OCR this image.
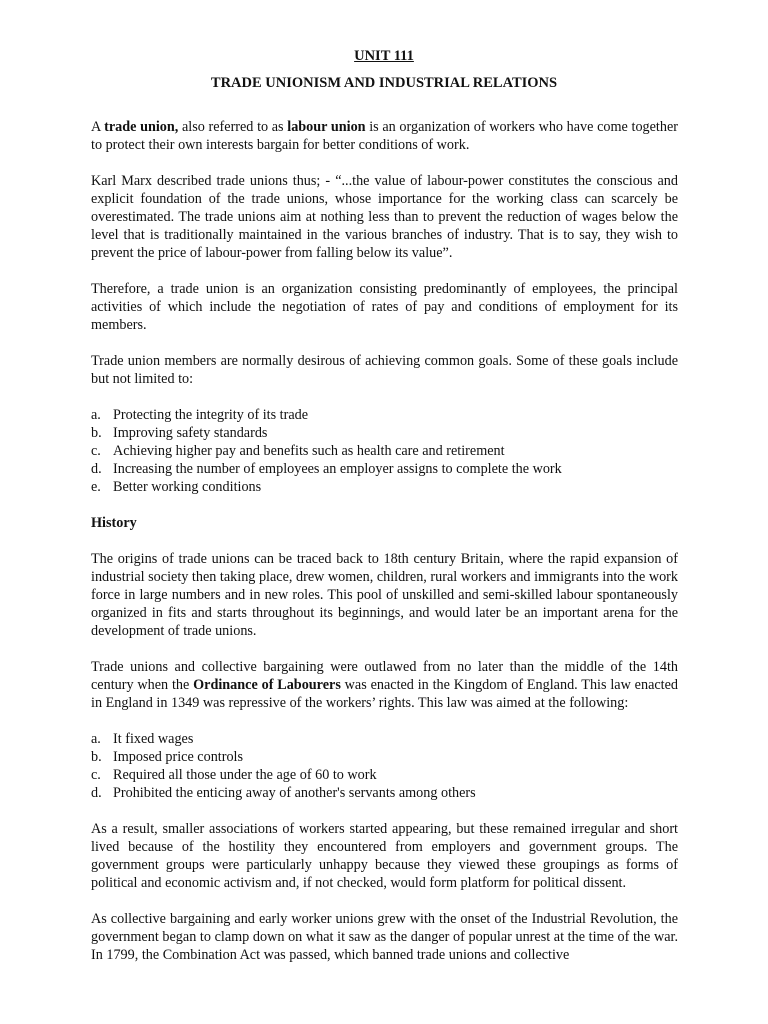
UNIT 111
TRADE UNIONISM AND INDUSTRIAL RELATIONS

A trade union, also referred to as labour union is an organization of workers who have come together to protect their own interests bargain for better conditions of work.

Karl Marx described trade unions thus; - “...the value of labour-power constitutes the conscious and explicit foundation of the trade unions, whose importance for the working class can scarcely be overestimated. The trade unions aim at nothing less than to prevent the reduction of wages below the level that is traditionally maintained in the various branches of industry. That is to say, they wish to prevent the price of labour-power from falling below its value”.

Therefore, a trade union is an organization consisting predominantly of employees, the principal activities of which include the negotiation of rates of pay and conditions of employment for its members.

Trade union members are normally desirous of achieving common goals. Some of these goals include but not limited to:

a. Protecting the integrity of its trade
b. Improving safety standards
c. Achieving higher pay and benefits such as health care and retirement
d. Increasing the number of employees an employer assigns to complete the work
e. Better working conditions
History

The origins of trade unions can be traced back to 18th century Britain, where the rapid expansion of industrial society then taking place, drew women, children, rural workers and immigrants into the work force in large numbers and in new roles. This pool of unskilled and semi-skilled labour spontaneously organized in fits and starts throughout its beginnings, and would later be an important arena for the development of trade unions.

Trade unions and collective bargaining were outlawed from no later than the middle of the 14th century when the Ordinance of Labourers was enacted in the Kingdom of England. This law enacted in England in 1349 was repressive of the workers’ rights. This law was aimed at the following:

a. It fixed wages
b. Imposed price controls
c. Required all those under the age of 60 to work
d. Prohibited the enticing away of another's servants among others

As a result, smaller associations of workers started appearing, but these remained irregular and short lived because of the hostility they encountered from employers and government groups. The government groups were particularly unhappy because they viewed these groupings as forms of political and economic activism and, if not checked, would form platform for political dissent.

As collective bargaining and early worker unions grew with the onset of the Industrial Revolution, the government began to clamp down on what it saw as the danger of popular unrest at the time of the war. In 1799, the Combination Act was passed, which banned trade unions and collective
